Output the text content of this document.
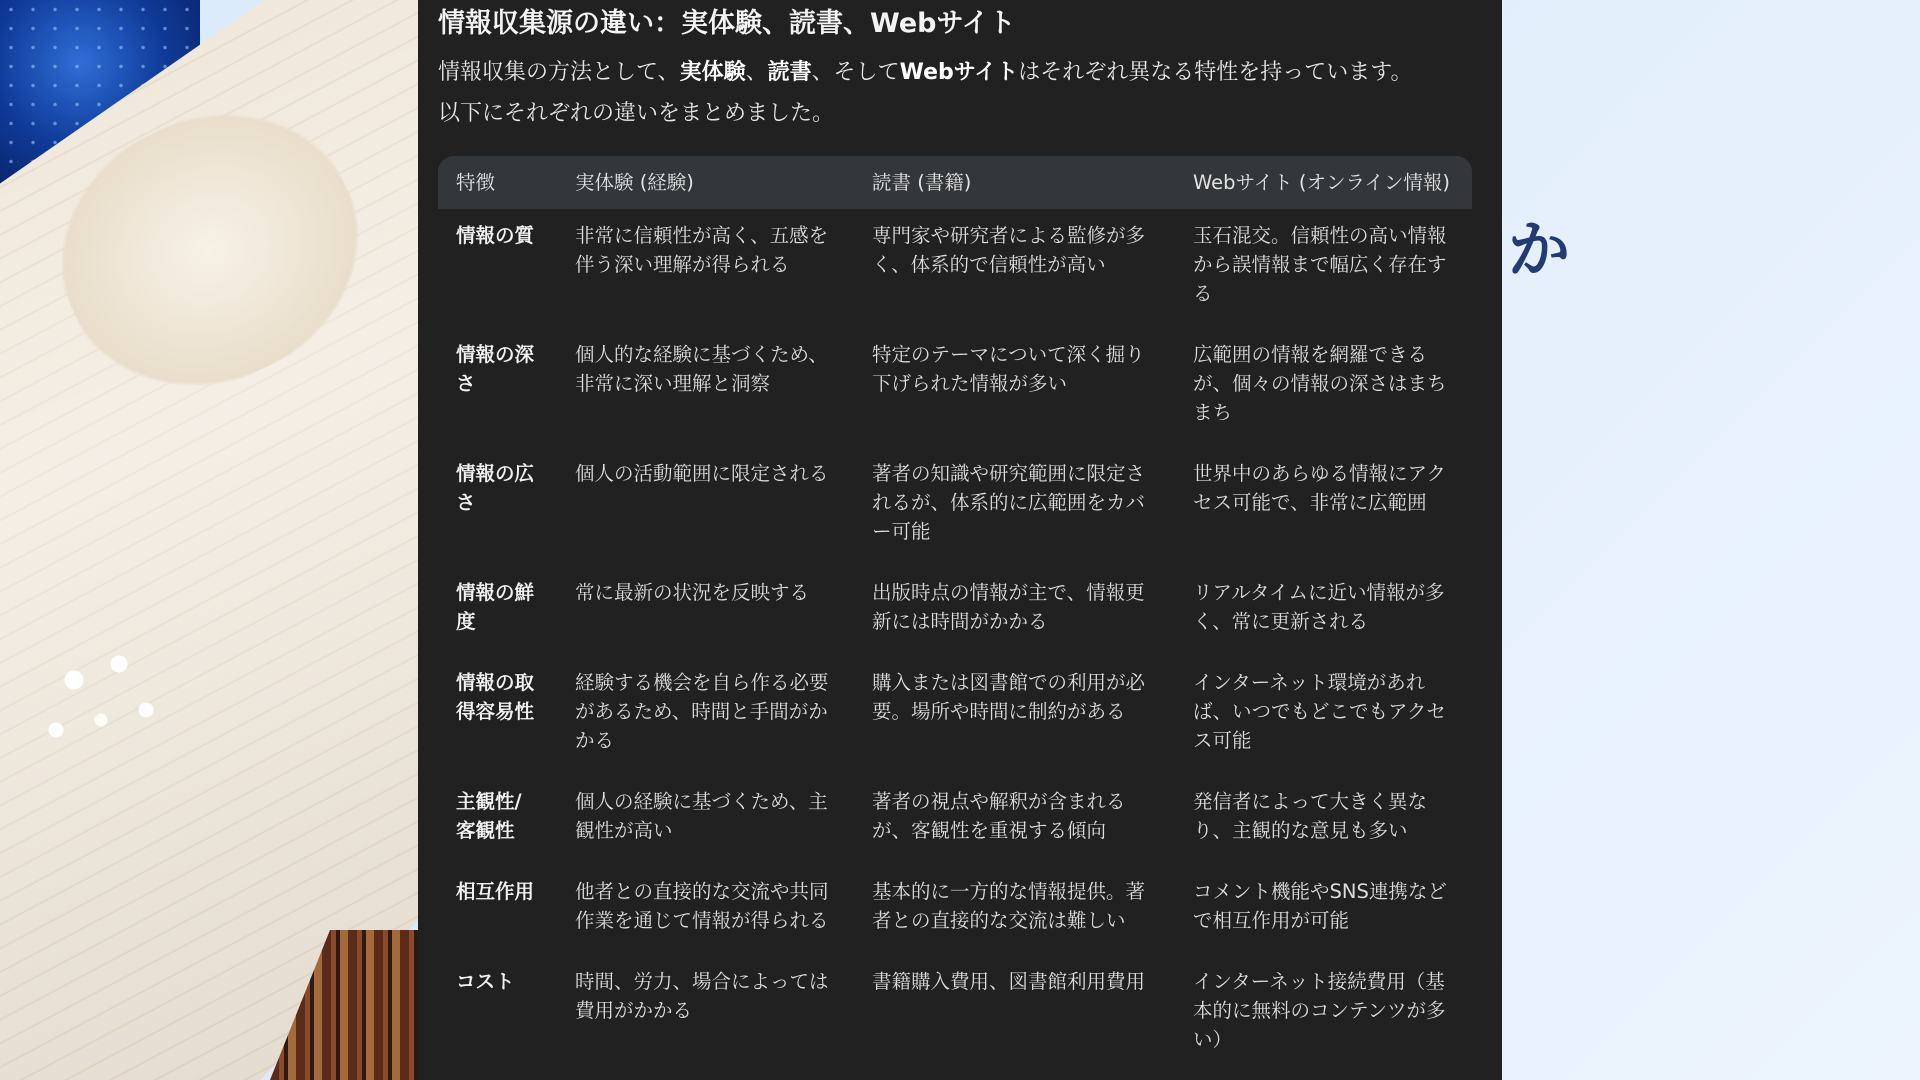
情報収集源の違い：実体験、読書、Webサイト

情報収集の方法として、実体験、読書、そしてWebサイトはそれぞれ異なる特性を持っています。
以下にそれぞれの違いをまとめました。

特徴	実体験 (経験)	読書 (書籍)	Webサイト (オンライン情報)
情報の質	非常に信頼性が高く、五感を伴う深い理解が得られる	専門家や研究者による監修が多く、体系的で信頼性が高い	玉石混交。信頼性の高い情報から誤情報まで幅広く存在する
情報の深さ	個人的な経験に基づくため、非常に深い理解と洞察	特定のテーマについて深く掘り下げられた情報が多い	広範囲の情報を網羅できるが、個々の情報の深さはまちまち
情報の広さ	個人の活動範囲に限定される	著者の知識や研究範囲に限定されるが、体系的に広範囲をカバー可能	世界中のあらゆる情報にアクセス可能で、非常に広範囲
情報の鮮度	常に最新の状況を反映する	出版時点の情報が主で、情報更新には時間がかかる	リアルタイムに近い情報が多く、常に更新される
情報の取得容易性	経験する機会を自ら作る必要があるため、時間と手間がかかる	購入または図書館での利用が必要。場所や時間に制約がある	インターネット環境があれば、いつでもどこでもアクセス可能
主観性/客観性	個人の経験に基づくため、主観性が高い	著者の視点や解釈が含まれるが、客観性を重視する傾向	発信者によって大きく異なり、主観的な意見も多い
相互作用	他者との直接的な交流や共同作業を通じて情報が得られる	基本的に一方的な情報提供。著者との直接的な交流は難しい	コメント機能やSNS連携などで相互作用が可能
コスト	時間、労力、場合によっては費用がかかる	書籍購入費用、図書館利用費用	インターネット接続費用（基本的に無料のコンテンツが多い）
か
